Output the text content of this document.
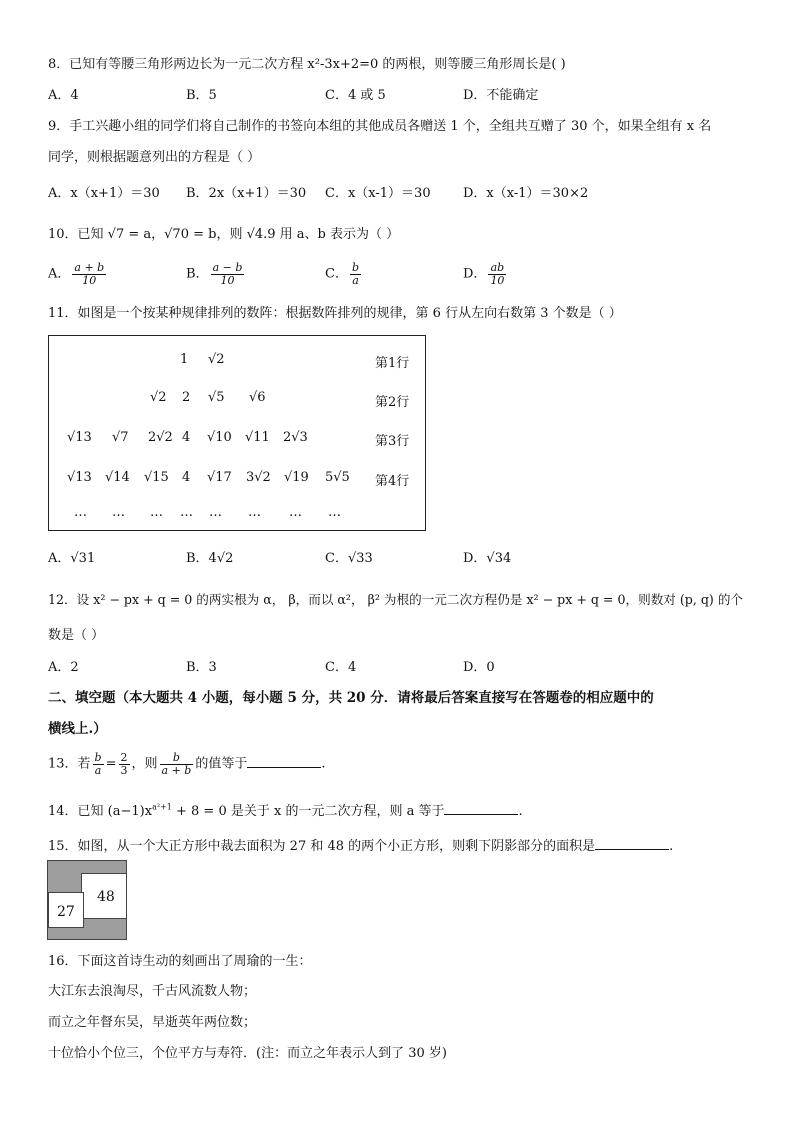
8．已知有等腰三角形两边长为一元二次方程 x²-3x+2=0 的两根，则等腰三角形周长是( )
A．4	B．5	C．4 或 5	D．不能确定
9．手工兴趣小组的同学们将自己制作的书签向本组的其他成员各赠送 1 个，全组共互赠了 30 个，如果全组有 x 名
同学，则根据题意列出的方程是（ ）
A．x（x+1）＝30 B．2x（x+1）＝30 C．x（x-1）＝30 D．x（x-1）＝30×2
10．已知 √7 = a，√70 = b，则 √4.9 用 a、b 表示为（ ）
A． $\frac{a + b}{10}$	B． $\frac{a - b}{10}$	C． $\frac{b}{a}$	D． $\frac{ab}{10}$
11．如图是一个按某种规律排列的数阵：根据数阵排列的规律，第 6 行从左向右数第 3 个数是（ ）
1 √2	第1行
√2 2 √5 √6	第2行
√13 √7 2√2 4 √10 √11 2√3	第3行
√13 √14 √15 4 √17 3√2 √19 5√5 第4行
… … … … … … … …
A．√31	B．4√2	C．√33	D．√34
12．设 x² − px + q = 0 的两实根为 α， β，而以 α²， β² 为根的一元二次方程仍是 x² − px + q = 0，则数对 (p, q) 的个
数是（ ）
A．2	B．3	C．4	D．0
二、填空题（本大题共 4 小题，每小题 5 分，共 20 分．请将最后答案直接写在答题卷的相应题中的
横线上.）
13．若 $\frac{b}{a} = \frac{2}{3}$ ，则 $\frac{b}{a + b}$ 的值等于	.
14．已知 $(a-1)x^{a^2+1} + 8 = 0$ 是关于 x 的一元二次方程，则 a 等于	.
15．如图，从一个大正方形中裁去面积为 27 和 48 的两个小正方形，则剩下阴影部分的面积是	.
48
27
16．下面这首诗生动的刻画出了周瑜的一生：
大江东去浪淘尽，千古风流数人物；
而立之年督东吴，早逝英年两位数；
十位恰小个位三，个位平方与寿符．(注：而立之年表示人到了 30 岁)
